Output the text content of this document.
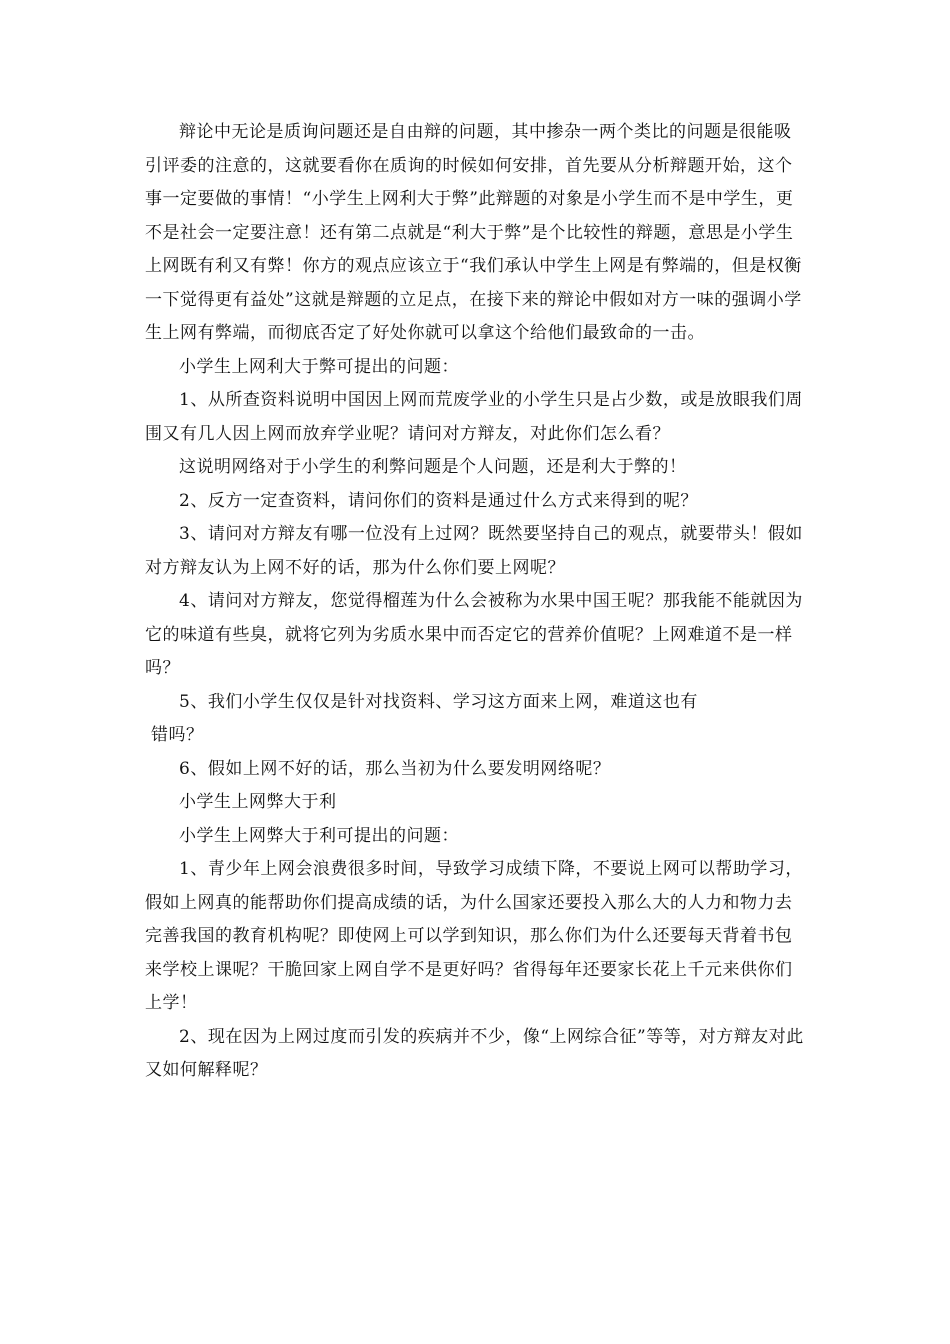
辩论中无论是质询问题还是自由辩的问题，其中掺杂一两个类比的问题是很能吸引评委的注意的，这就要看你在质询的时候如何安排，首先要从分析辩题开始，这个事一定要做的事情！“小学生上网利大于弊”此辩题的对象是小学生而不是中学生，更不是社会一定要注意！还有第二点就是“利大于弊”是个比较性的辩题，意思是小学生上网既有利又有弊！你方的观点应该立于“我们承认中学生上网是有弊端的，但是权衡一下觉得更有益处”这就是辩题的立足点，在接下来的辩论中假如对方一味的强调小学生上网有弊端，而彻底否定了好处你就可以拿这个给他们最致命的一击。

小学生上网利大于弊可提出的问题：

1、从所查资料说明中国因上网而荒废学业的小学生只是占少数，或是放眼我们周围又有几人因上网而放弃学业呢？请问对方辩友，对此你们怎么看？

这说明网络对于小学生的利弊问题是个人问题，还是利大于弊的！

2、反方一定查资料，请问你们的资料是通过什么方式来得到的呢？

3、请问对方辩友有哪一位没有上过网？既然要坚持自己的观点，就要带头！假如对方辩友认为上网不好的话，那为什么你们要上网呢？

4、请问对方辩友，您觉得榴莲为什么会被称为水果中国王呢？那我能不能就因为它的味道有些臭，就将它列为劣质水果中而否定它的营养价值呢？上网难道不是一样吗？

5、我们小学生仅仅是针对找资料、学习这方面来上网，难道这也有

错吗？

6、假如上网不好的话，那么当初为什么要发明网络呢？

小学生上网弊大于利

小学生上网弊大于利可提出的问题：

1、青少年上网会浪费很多时间，导致学习成绩下降，不要说上网可以帮助学习，假如上网真的能帮助你们提高成绩的话，为什么国家还要投入那么大的人力和物力去完善我国的教育机构呢？即使网上可以学到知识，那么你们为什么还要每天背着书包来学校上课呢？干脆回家上网自学不是更好吗？省得每年还要家长花上千元来供你们上学！

2、现在因为上网过度而引发的疾病并不少，像“上网综合征”等等，对方辩友对此又如何解释呢？
